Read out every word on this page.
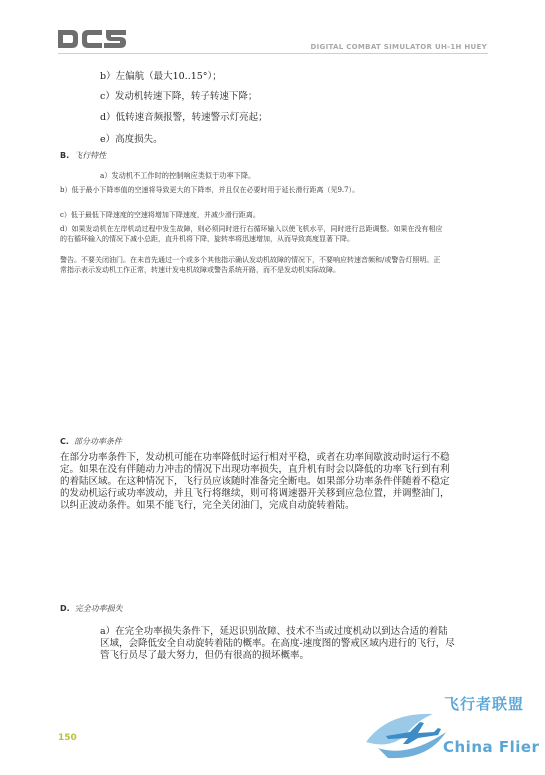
DIGITAL COMBAT SIMULATOR UH-1H HUEY
b）左偏航（最大10..15°）；
c）发动机转速下降，转子转速下降；
d）低转速音频报警，转速警示灯亮起；
e）高度损失。
B. 飞行特性
a）发动机不工作时的控制响应类似于功率下降。
b）低于最小下降率值的空速将导致更大的下降率，并且仅在必要时用于延长滑行距离（见9.7）。
c）低于最低下降速度的空速将增加下降速度，并减少滑行距离。
d）如果发动机在左岸机动过程中发生故障，则必须同时进行右循环输入以使飞机水平，同时进行总距调整。如果在没有相应的右循环输入的情况下减小总距，直升机将下降，旋转率将迅速增加，从而导致高度显著下降。
警告。不要关闭油门。在未首先通过一个或多个其他指示确认发动机故障的情况下，不要响应转速音频和/或警告灯照明。正常指示表示发动机工作正常，转速计发电机故障或警告系统开路，而不是发动机实际故障。
C. 部分功率条件
在部分功率条件下，发动机可能在功率降低时运行相对平稳，或者在功率间歇波动时运行不稳定。如果在没有伴随动力冲击的情况下出现功率损失，直升机有时会以降低的功率飞行到有利的着陆区域。在这种情况下，飞行员应该随时准备完全断电。如果部分功率条件伴随着不稳定的发动机运行或功率波动，并且飞行将继续，则可将调速器开关移到应急位置，并调整油门，以纠正波动条件。如果不能飞行，完全关闭油门，完成自动旋转着陆。
D. 完全功率损失
a）在完全功率损失条件下，延迟识别故障、技术不当或过度机动以到达合适的着陆区域，会降低安全自动旋转着陆的概率。在高度-速度图的警戒区域内进行的飞行，尽管飞行员尽了最大努力，但仍有很高的损坏概率。
150
飞行者联盟
China Flier
